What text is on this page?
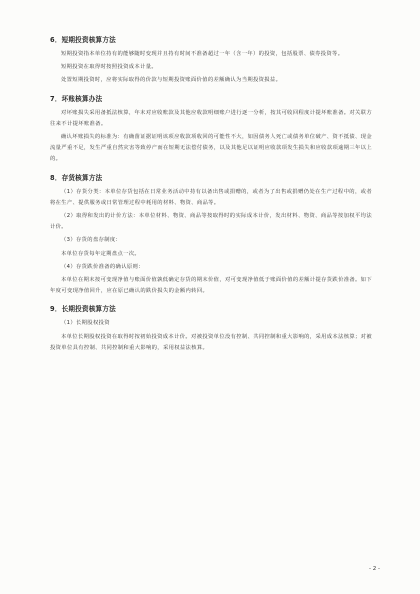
6．短期投资核算方法

短期投资指本单位持有的能够随时变现并且持有时间不准备超过一年（含一年）的投资，包括股票、债券投资等。

短期投资在取得时按照投资成本计量。

处置短期投资时，应将实际取得的价款与短期投资账面价值的差额确认为当期投资损益。

7．坏账核算办法

对坏账损失采用备抵法核算，年末对应收账款及其他应收款明细账户进行逐一分析，按其可收回程度计提坏账准备。对关联方往来不计提坏账准备。

确认坏账损失的标准为：有确凿证据证明该项应收款项收回的可能性不大，如因债务人死亡或债务单位破产、资不抵债、现金流量严重不足，发生严重自然灾害等致停产而在短期无法偿付债务，以及其他足以证明应收款项发生损失和应收款项逾期三年以上的。

8．存货核算方法

（1）存货分类：本单位存货包括在日常业务活动中持有以备出售或捐赠的，或者为了出售或捐赠仍处在生产过程中的，或者将在生产、提供服务或日常管理过程中耗用的材料、物资、商品等。

（2）取得和发出的计价方法：本单位材料、物资、商品等按取得时的实际成本计价，发出材料、物资、商品等按加权平均法计价。

（3）存货的盘存制度：

本单位存货每年定期盘点一次。

（4）存货跌价准备的确认原则：

本单位在期末按可变现净值与账面价值孰低确定存货的期末价值，对可变现净值低于账面价值的差额计提存货跌价准备。如下年度可变现净值回升，应在原已确认的跌价损失的金额内转回。

9．长期投资核算方法

（1）长期股权投资

本单位长期股权投资在取得时按初始投资成本计价。对被投资单位没有控制、共同控制和重大影响的，采用成本法核算；对被投资单位具有控制、共同控制和重大影响的，采用权益法核算。

- 2 -
